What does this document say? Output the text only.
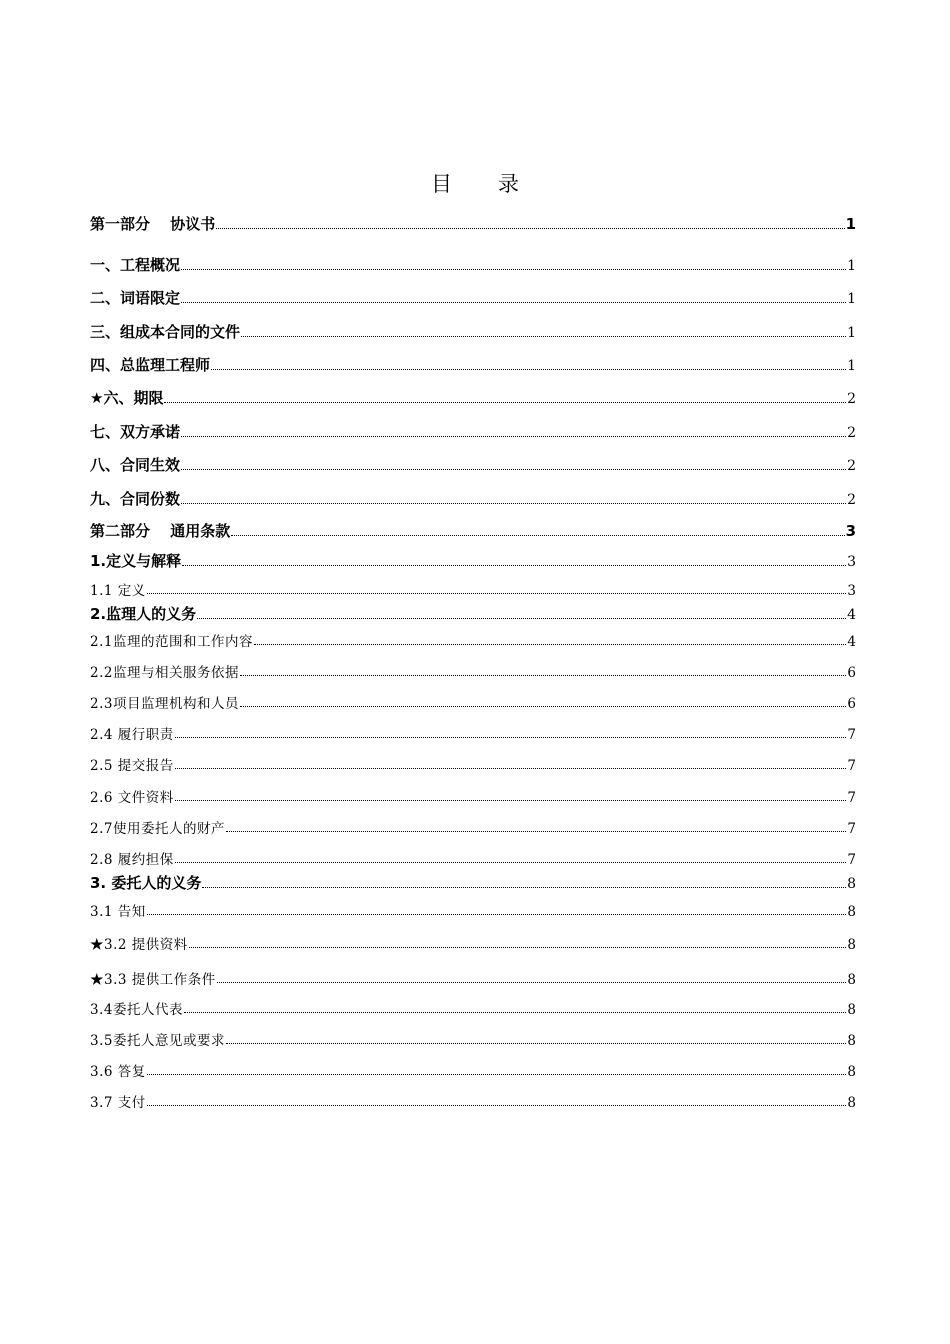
目 录
第一部分　 协议书	1
一、工程概况	1
二、词语限定	1
三、组成本合同的文件	1
四、总监理工程师	1
★六、期限	2
七、双方承诺	2
八、合同生效	2
九、合同份数	2
第二部分　 通用条款	3
1.定义与解释	3
1.1 定义	3
2.监理人的义务	4
2.1监理的范围和工作内容	4
2.2监理与相关服务依据	6
2.3项目监理机构和人员	6
2.4 履行职责	7
2.5 提交报告	7
2.6 文件资料	7
2.7使用委托人的财产	7
2.8 履约担保	7
3. 委托人的义务	8
3.1 告知	8
★3.2 提供资料	8
★3.3 提供工作条件	8
3.4委托人代表	8
3.5委托人意见或要求	8
3.6 答复	8
3.7 支付	8
